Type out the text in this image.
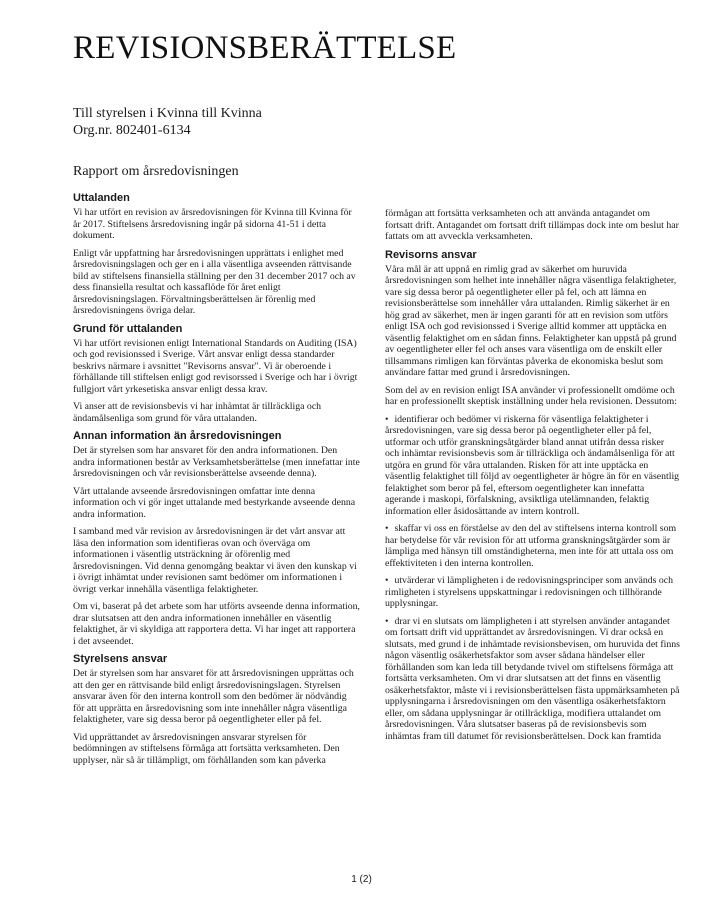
REVISIONSBERÄTTELSE
Till styrelsen i Kvinna till Kvinna
Org.nr. 802401-6134
Rapport om årsredovisningen
Uttalanden

Vi har utfört en revision av årsredovisningen för Kvinna till Kvinna för år 2017. Stiftelsens årsredovisning ingår på sidorna 41-51 i detta dokument.

Enligt vår uppfattning har årsredovisningen upprättats i enlighet med årsredovisningslagen och ger en i alla väsentliga avseenden rättvisande bild av stiftelsens finansiella ställning per den 31 december 2017 och av dess finansiella resultat och kassaflöde för året enligt årsredovisningslagen. Förvaltningsberättelsen är förenlig med årsredovisningens övriga delar.

Grund för uttalanden

Vi har utfört revisionen enligt International Standards on Auditing (ISA) och god revisionssed i Sverige. Vårt ansvar enligt dessa standarder beskrivs närmare i avsnittet "Revisorns ansvar". Vi är oberoende i förhållande till stiftelsen enligt god revisorssed i Sverige och har i övrigt fullgjort vårt yrkesetiska ansvar enligt dessa krav.

Vi anser att de revisionsbevis vi har inhämtat är tillräckliga och ändamålsenliga som grund för våra uttalanden.

Annan information än årsredovisningen

Det är styrelsen som har ansvaret för den andra informationen. Den andra informationen består av Verksamhetsberättelse (men innefattar inte årsredovisningen och vår revisionsberättelse avseende denna).

Vårt uttalande avseende årsredovisningen omfattar inte denna information och vi gör inget uttalande med bestyrkande avseende denna andra information.

I samband med vår revision av årsredovisningen är det vårt ansvar att läsa den information som identifieras ovan och överväga om informationen i väsentlig utsträckning är oförenlig med årsredovisningen. Vid denna genomgång beaktar vi även den kunskap vi i övrigt inhämtat under revisionen samt bedömer om informationen i övrigt verkar innehålla väsentliga felaktigheter.

Om vi, baserat på det arbete som har utförts avseende denna information, drar slutsatsen att den andra informationen innehåller en väsentlig felaktighet, är vi skyldiga att rapportera detta. Vi har inget att rapportera i det avseendet.

Styrelsens ansvar

Det är styrelsen som har ansvaret för att årsredovisningen upprättas och att den ger en rättvisande bild enligt årsredovisningslagen. Styrelsen ansvarar även för den interna kontroll som den bedömer är nödvändig för att upprätta en årsredovisning som inte innehåller några väsentliga felaktigheter, vare sig dessa beror på oegentligheter eller på fel.

Vid upprättandet av årsredovisningen ansvarar styrelsen för bedömningen av stiftelsens förmåga att fortsätta verksamheten. Den upplyser, när så är tillämpligt, om förhållanden som kan påverka

förmågan att fortsätta verksamheten och att använda antagandet om fortsatt drift. Antagandet om fortsatt drift tillämpas dock inte om beslut har fattats om att avveckla verksamheten.

Revisorns ansvar

Våra mål är att uppnå en rimlig grad av säkerhet om huruvida årsredovisningen som helhet inte innehåller några väsentliga felaktigheter, vare sig dessa beror på oegentligheter eller på fel, och att lämna en revisionsberättelse som innehåller våra uttalanden. Rimlig säkerhet är en hög grad av säkerhet, men är ingen garanti för att en revision som utförs enligt ISA och god revisionssed i Sverige alltid kommer att upptäcka en väsentlig felaktighet om en sådan finns. Felaktigheter kan uppstå på grund av oegentligheter eller fel och anses vara väsentliga om de enskilt eller tillsammans rimligen kan förväntas påverka de ekonomiska beslut som användare fattar med grund i årsredovisningen.

Som del av en revision enligt ISA använder vi professionellt omdöme och har en professionellt skeptisk inställning under hela revisionen. Dessutom:

• identifierar och bedömer vi riskerna för väsentliga felaktigheter i årsredovisningen, vare sig dessa beror på oegentligheter eller på fel, utformar och utför granskningsåtgärder bland annat utifrån dessa risker och inhämtar revisionsbevis som är tillräckliga och ändamålsenliga för att utgöra en grund för våra uttalanden. Risken för att inte upptäcka en väsentlig felaktighet till följd av oegentligheter är högre än för en väsentlig felaktighet som beror på fel, eftersom oegentligheter kan innefatta agerande i maskopi, förfalskning, avsiktliga utelämnanden, felaktig information eller åsidosättande av intern kontroll.

• skaffar vi oss en förståelse av den del av stiftelsens interna kontroll som har betydelse för vår revision för att utforma granskningsåtgärder som är lämpliga med hänsyn till omständigheterna, men inte för att uttala oss om effektiviteten i den interna kontrollen.

• utvärderar vi lämpligheten i de redovisningsprinciper som används och rimligheten i styrelsens uppskattningar i redovisningen och tillhörande upplysningar.

• drar vi en slutsats om lämpligheten i att styrelsen använder antagandet om fortsatt drift vid upprättandet av årsredovisningen. Vi drar också en slutsats, med grund i de inhämtade revisionsbevisen, om huruvida det finns någon väsentlig osäkerhetsfaktor som avser sådana händelser eller förhållanden som kan leda till betydande tvivel om stiftelsens förmåga att fortsätta verksamheten. Om vi drar slutsatsen att det finns en väsentlig osäkerhetsfaktor, måste vi i revisionsberättelsen fästa uppmärksamheten på upplysningarna i årsredovisningen om den väsentliga osäkerhetsfaktorn eller, om sådana upplysningar är otillräckliga, modifiera uttalandet om årsredovisningen. Våra slutsatser baseras på de revisionsbevis som inhämtas fram till datumet för revisionsberättelsen. Dock kan framtida

1 (2)
